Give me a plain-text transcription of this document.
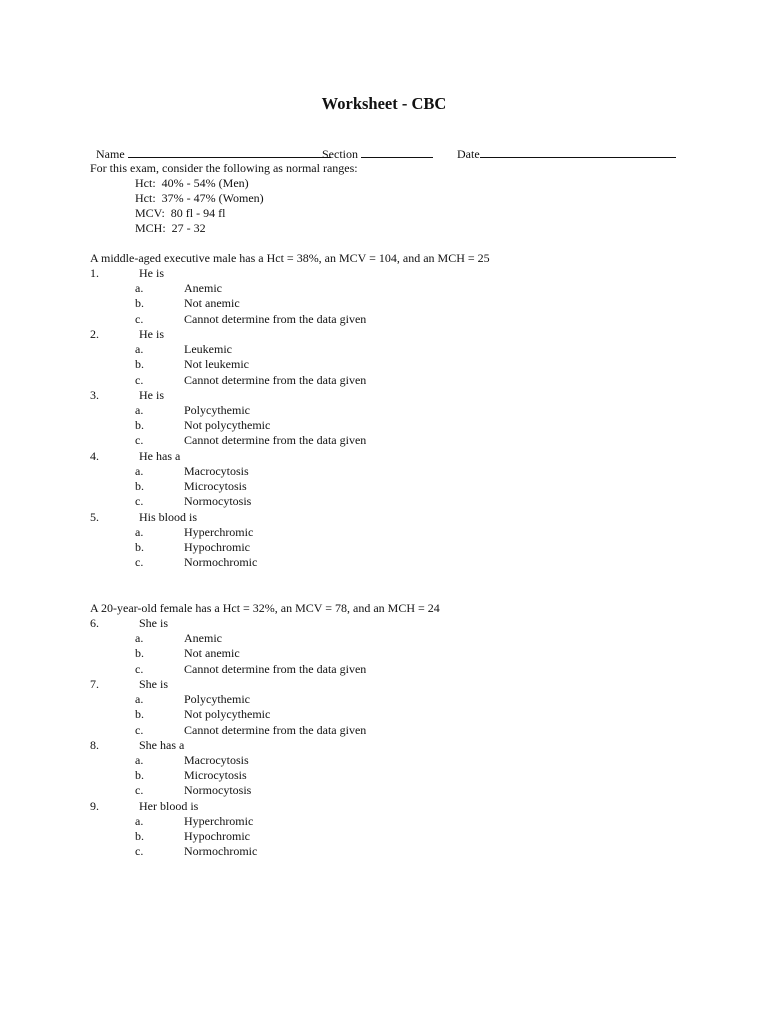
Worksheet - CBC

Name	Section	Date

For this exam, consider the following as normal ranges:
Hct:  40% - 54% (Men)
Hct:  37% - 47% (Women)
MCV:  80 fl - 94 fl
MCH:  27 - 32
A middle-aged executive male has a Hct = 38%, an MCV = 104, and an MCH = 25
1.	He is
a.	Anemic
b.	Not anemic
c.	Cannot determine from the data given
2.	He is
a.	Leukemic
b.	Not leukemic
c.	Cannot determine from the data given
3.	He is
a.	Polycythemic
b.	Not polycythemic
c.	Cannot determine from the data given
4.	He has a
a.	Macrocytosis
b.	Microcytosis
c.	Normocytosis
5.	His blood is
a.	Hyperchromic
b.	Hypochromic
c.	Normochromic
A 20-year-old female has a Hct = 32%, an MCV = 78, and an MCH = 24
6.	She is
a.	Anemic
b.	Not anemic
c.	Cannot determine from the data given
7.	She is
a.	Polycythemic
b.	Not polycythemic
c.	Cannot determine from the data given
8.	She has a
a.	Macrocytosis
b.	Microcytosis
c.	Normocytosis
9.	Her blood is
a.	Hyperchromic
b.	Hypochromic
c.	Normochromic
